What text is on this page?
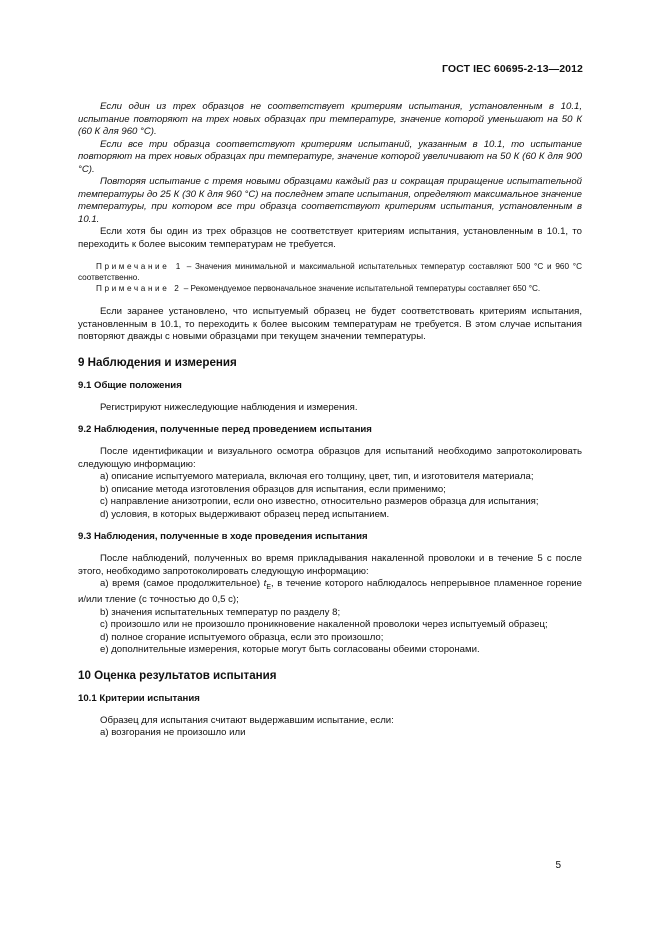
ГОСТ IEC 60695-2-13—2012

Если один из трех образцов не соответствует критериям испытания, установленным в 10.1, испытание повторяют на трех новых образцах при температуре, значение которой уменьшают на 50 К (60 К для 960 °С).

Если все три образца соответствуют критериям испытаний, указанным в 10.1, то испытание повторяют на трех новых образцах при температуре, значение которой увеличивают на 50 К (60 К для 900 °С).

Повторяя испытание с тремя новыми образцами каждый раз и сокращая приращение испытательной температуры до 25 К (30 К для 960 °С) на последнем этапе испытания, определяют максимальное значение температуры, при котором все три образца соответствуют критериям испытания, установленным в 10.1.

Если хотя бы один из трех образцов не соответствует критериям испытания, установленным в 10.1, то переходить к более высоким температурам не требуется.

Примечание 1 – Значения минимальной и максимальной испытательных температур составляют 500 °С и 960 °С соответственно.

Примечание 2 – Рекомендуемое первоначальное значение испытательной температуры составляет 650 °С.

Если заранее установлено, что испытуемый образец не будет соответствовать критериям испытания, установленным в 10.1, то переходить к более высоким температурам не требуется. В этом случае испытания повторяют дважды с новыми образцами при текущем значении температуры.

9 Наблюдения и измерения
9.1 Общие положения

Регистрируют нижеследующие наблюдения и измерения.

9.2 Наблюдения, полученные перед проведением испытания

После идентификации и визуального осмотра образцов для испытаний необходимо запротоколировать следующую информацию:

a) описание испытуемого материала, включая его толщину, цвет, тип, и изготовителя материала;

b) описание метода изготовления образцов для испытания, если применимо;

c) направление анизотропии, если оно известно, относительно размеров образца для испытания;

d) условия, в которых выдерживают образец перед испытанием.

9.3 Наблюдения, полученные в ходе проведения испытания

После наблюдений, полученных во время прикладывания накаленной проволоки и в течение 5 с после этого, необходимо запротоколировать следующую информацию:

a) время (самое продолжительное) $t_E$, в течение которого наблюдалось непрерывное пламенное горение и/или тление (с точностью до 0,5 с);

b) значения испытательных температур по разделу 8;

c) произошло или не произошло проникновение накаленной проволоки через испытуемый образец;

d) полное сгорание испытуемого образца, если это произошло;

e) дополнительные измерения, которые могут быть согласованы обеими сторонами.

10 Оценка результатов испытания
10.1 Критерии испытания

Образец для испытания считают выдержавшим испытание, если:

а) возгорания не произошло или

5
